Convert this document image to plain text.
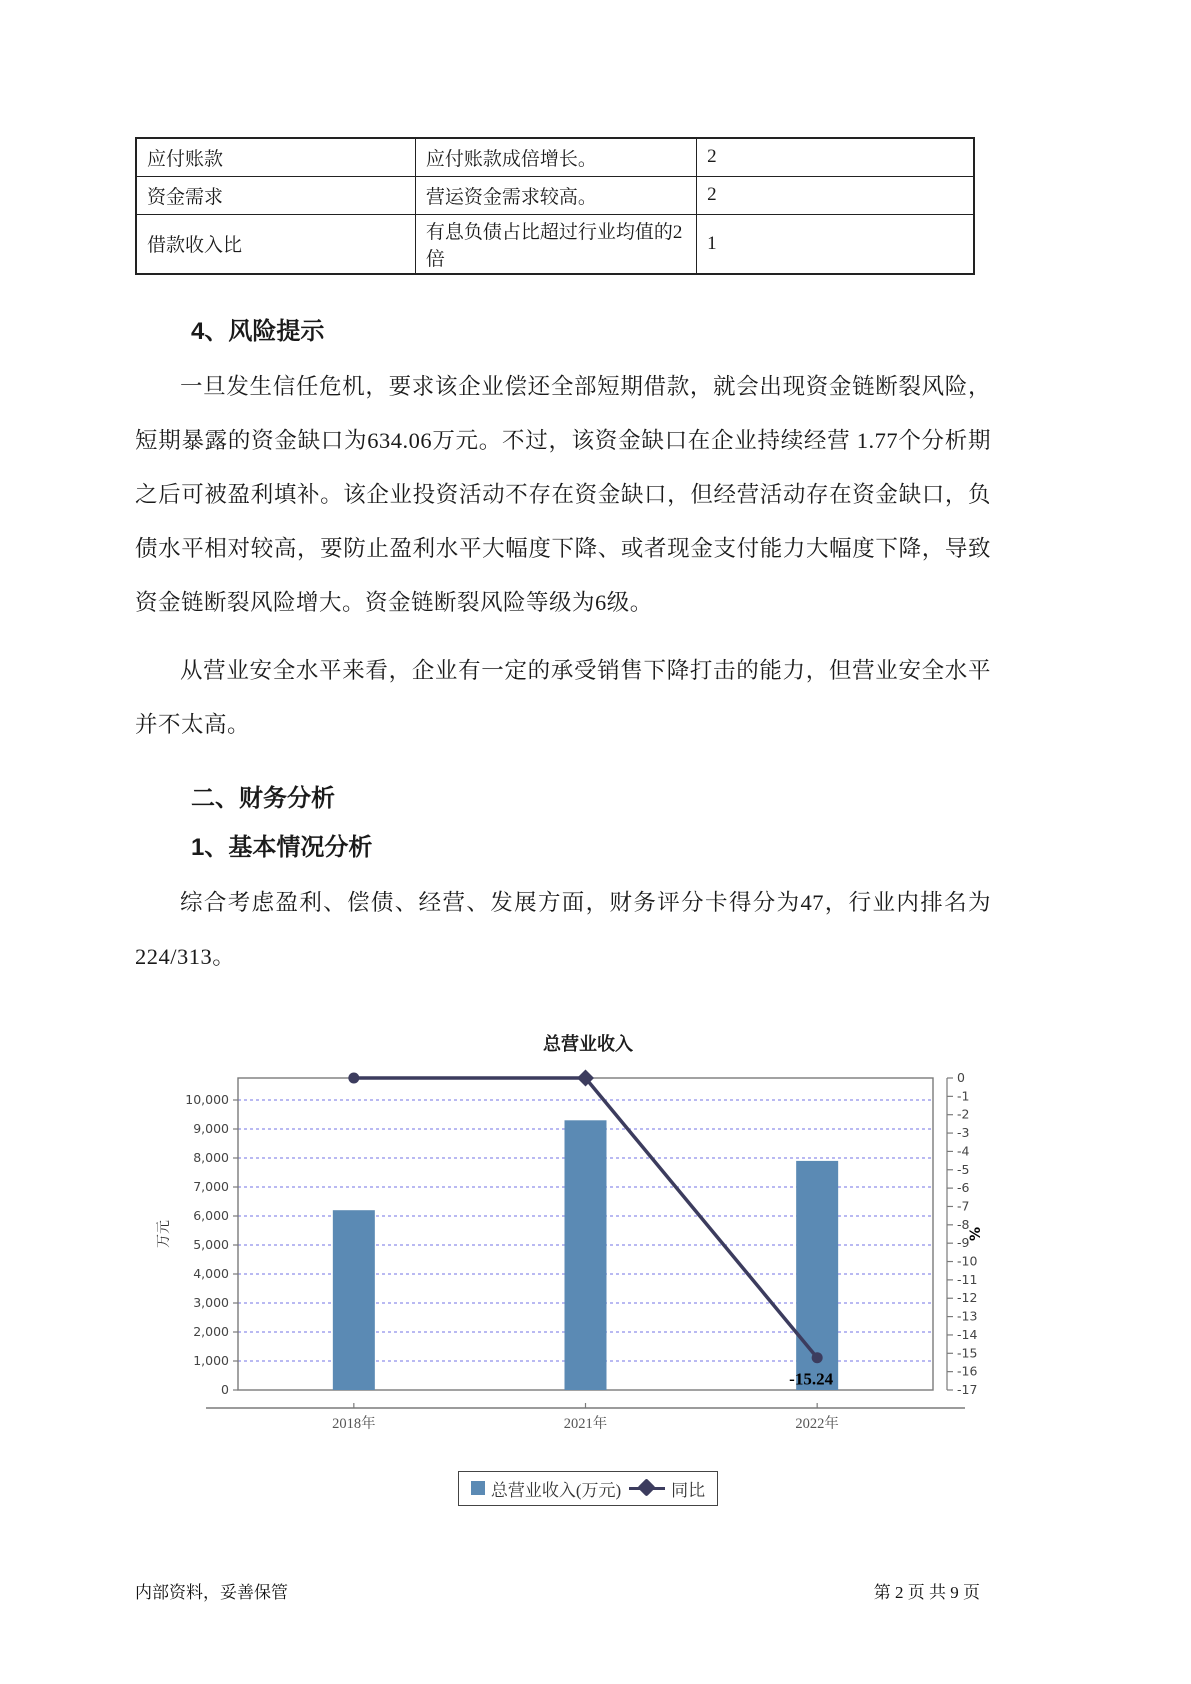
应付账款	应付账款成倍增长。	2
资金需求	营运资金需求较高。	2
借款收入比	有息负债占比超过行业均值的2倍	1
4、风险提示

一旦发生信任危机，要求该企业偿还全部短期借款，就会出现资金链断裂风险，短期暴露的资金缺口为634.06万元。不过，该资金缺口在企业持续经营 1.77个分析期之后可被盈利填补。该企业投资活动不存在资金缺口，但经营活动存在资金缺口，负债水平相对较高，要防止盈利水平大幅度下降、或者现金支付能力大幅度下降，导致资金链断裂风险增大。资金链断裂风险等级为6级。

从营业安全水平来看，企业有一定的承受销售下降打击的能力，但营业安全水平并不太高。

二、财务分析
1、基本情况分析

综合考虑盈利、偿债、经营、发展方面，财务评分卡得分为47，行业内排名为224/313。

总营业收入
0
1,000
2,000
3,000
4,000
5,000
6,000
7,000
8,000
9,000
10,000
0
-1
-2
-3
-4
-5
-6
-7
-8
-9
-10
-11
-12
-13
-14
-15
-16
-17
-15.24
2018年	2021年	2022年
万元	%
总营业收入(万元)	同比
内部资料，妥善保管	第 2 页 共 9 页
